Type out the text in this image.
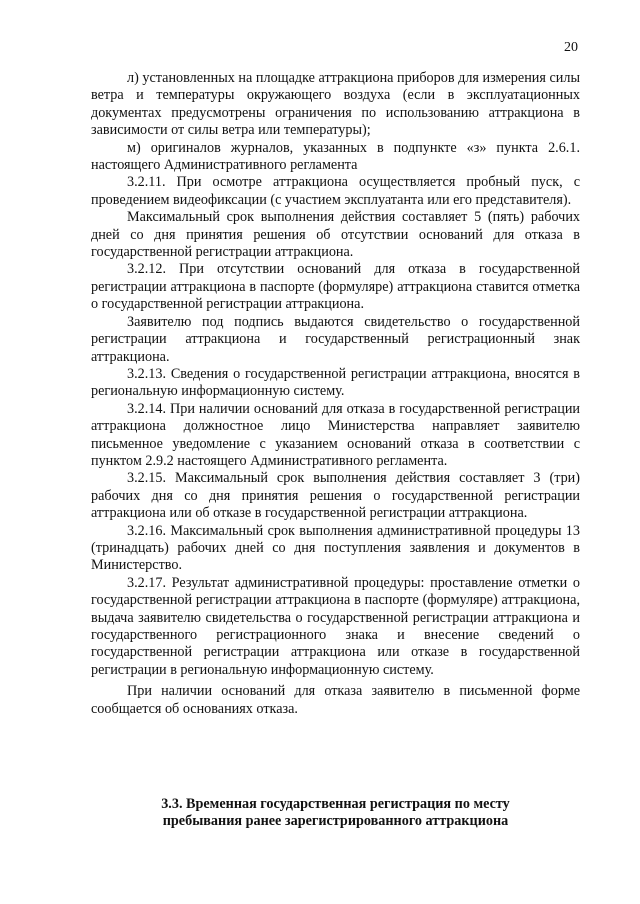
20

л) установленных на площадке аттракциона приборов для измерения силы ветра и температуры окружающего воздуха (если в эксплуатационных документах предусмотрены ограничения по использованию аттракциона в зависимости от силы ветра или температуры);

м) оригиналов журналов, указанных в подпункте «з» пункта 2.6.1. настоящего Административного регламента

3.2.11. При осмотре аттракциона осуществляется пробный пуск, с проведением видеофиксации (с участием эксплуатанта или его представителя).

Максимальный срок выполнения действия составляет 5 (пять) рабочих дней со дня принятия решения об отсутствии оснований для отказа в государственной регистрации аттракциона.

3.2.12. При отсутствии оснований для отказа в государственной регистрации аттракциона в паспорте (формуляре) аттракциона ставится отметка о государственной регистрации аттракциона.

Заявителю под подпись выдаются свидетельство о государственной регистрации аттракциона и государственный регистрационный знак аттракциона.

3.2.13. Сведения о государственной регистрации аттракциона, вносятся в региональную информационную систему.

3.2.14. При наличии оснований для отказа в государственной регистрации аттракциона должностное лицо Министерства направляет заявителю письменное уведомление с указанием оснований отказа в соответствии с пунктом 2.9.2 настоящего Административного регламента.

3.2.15. Максимальный срок выполнения действия составляет 3 (три) рабочих дня со дня принятия решения о государственной регистрации аттракциона или об отказе в государственной регистрации аттракциона.

3.2.16. Максимальный срок выполнения административной процедуры 13 (тринадцать) рабочих дней со дня поступления заявления и документов в Министерство.

3.2.17. Результат административной процедуры: проставление отметки о государственной регистрации аттракциона в паспорте (формуляре) аттракциона, выдача заявителю свидетельства о государственной регистрации аттракциона и государственного регистрационного знака и внесение сведений о государственной регистрации аттракциона или отказе в государственной регистрации в региональную информационную систему.

При наличии оснований для отказа заявителю в письменной форме сообщается об основаниях отказа.

3.3. Временная государственная регистрация по месту
пребывания ранее зарегистрированного аттракциона
